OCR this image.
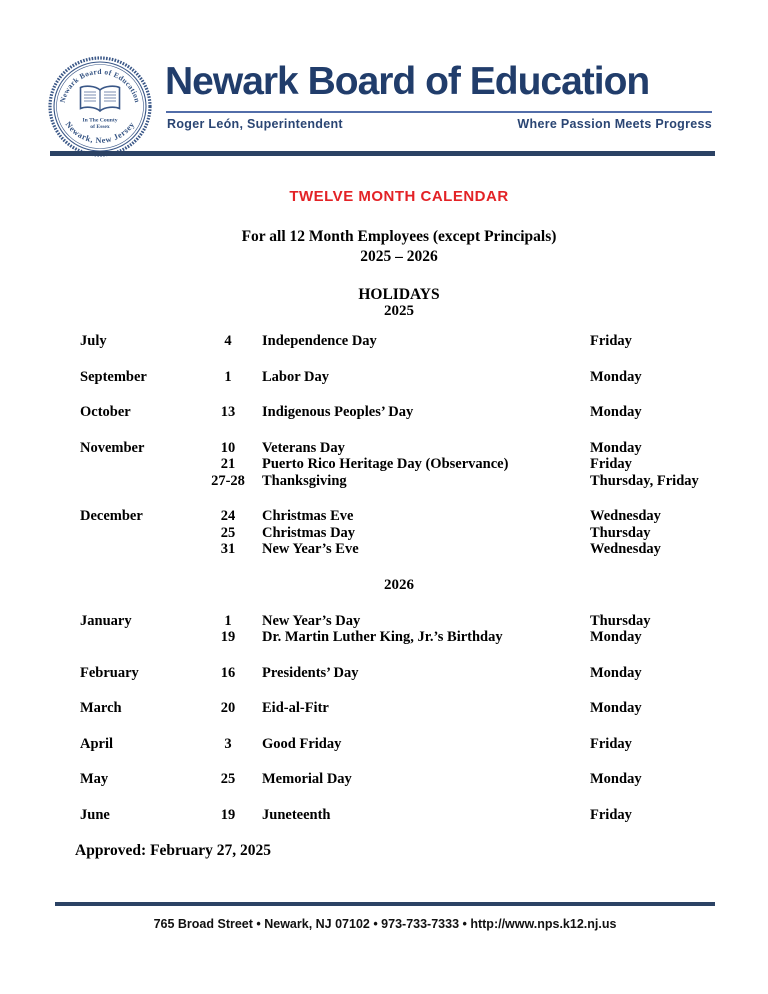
Newark Board of Education
Newark, New Jersey
In The County
of Essex
Newark Board of Education
Roger León, Superintendent	Where Passion Meets Progress
TWELVE MONTH CALENDAR
For all 12 Month Employees (except Principals)
2025 – 2026
HOLIDAYS
2025
July	4	Independence Day	Friday
September	1	Labor Day	Monday
October	13	Indigenous Peoples’ Day	Monday
November	10	Veterans Day	Monday
21	Puerto Rico Heritage Day (Observance)	Friday
27-28	Thanksgiving	Thursday, Friday
December	24	Christmas Eve	Wednesday
25	Christmas Day	Thursday
31	New Year’s Eve	Wednesday
2026
January	1	New Year’s Day	Thursday
19	Dr. Martin Luther King, Jr.’s Birthday	Monday
February	16	Presidents’ Day	Monday
March	20	Eid-al-Fitr	Monday
April	3	Good Friday	Friday
May	25	Memorial Day	Monday
June	19	Juneteenth	Friday
Approved: February 27, 2025
765 Broad Street • Newark, NJ 07102 • 973-733-7333 • http://www.nps.k12.nj.us
